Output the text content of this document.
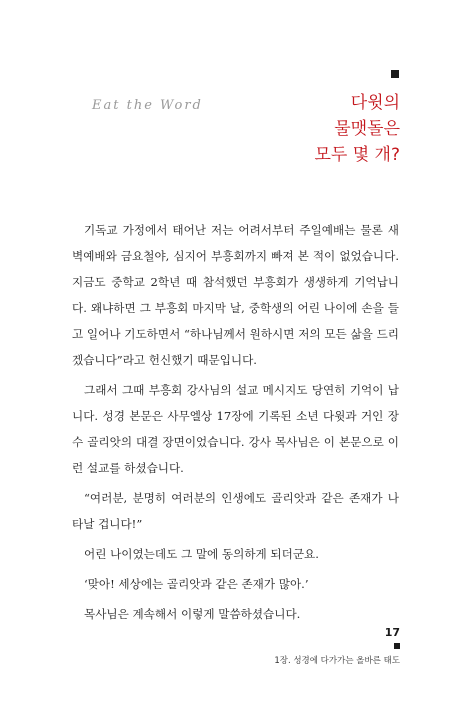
Eat the Word	다윗의
물맷돌은
모두 몇 개?

기독교 가정에서 태어난 저는 어려서부터 주일예배는 물론 새벽예배와 금요철야, 심지어 부흥회까지 빠져 본 적이 없었습니다. 지금도 중학교 2학년 때 참석했던 부흥회가 생생하게 기억납니다. 왜냐하면 그 부흥회 마지막 날, 중학생의 어린 나이에 손을 들고 일어나 기도하면서 “하나님께서 원하시면 저의 모든 삶을 드리겠습니다”라고 헌신했기 때문입니다.

그래서 그때 부흥회 강사님의 설교 메시지도 당연히 기억이 납니다. 성경 본문은 사무엘상 17장에 기록된 소년 다윗과 거인 장수 골리앗의 대결 장면이었습니다. 강사 목사님은 이 본문으로 이런 설교를 하셨습니다.

“여러분, 분명히 여러분의 인생에도 골리앗과 같은 존재가 나타날 겁니다!”

어린 나이였는데도 그 말에 동의하게 되더군요.

‘맞아! 세상에는 골리앗과 같은 존재가 많아.’

목사님은 계속해서 이렇게 말씀하셨습니다.

17
1장. 성경에 다가가는 올바른 태도
